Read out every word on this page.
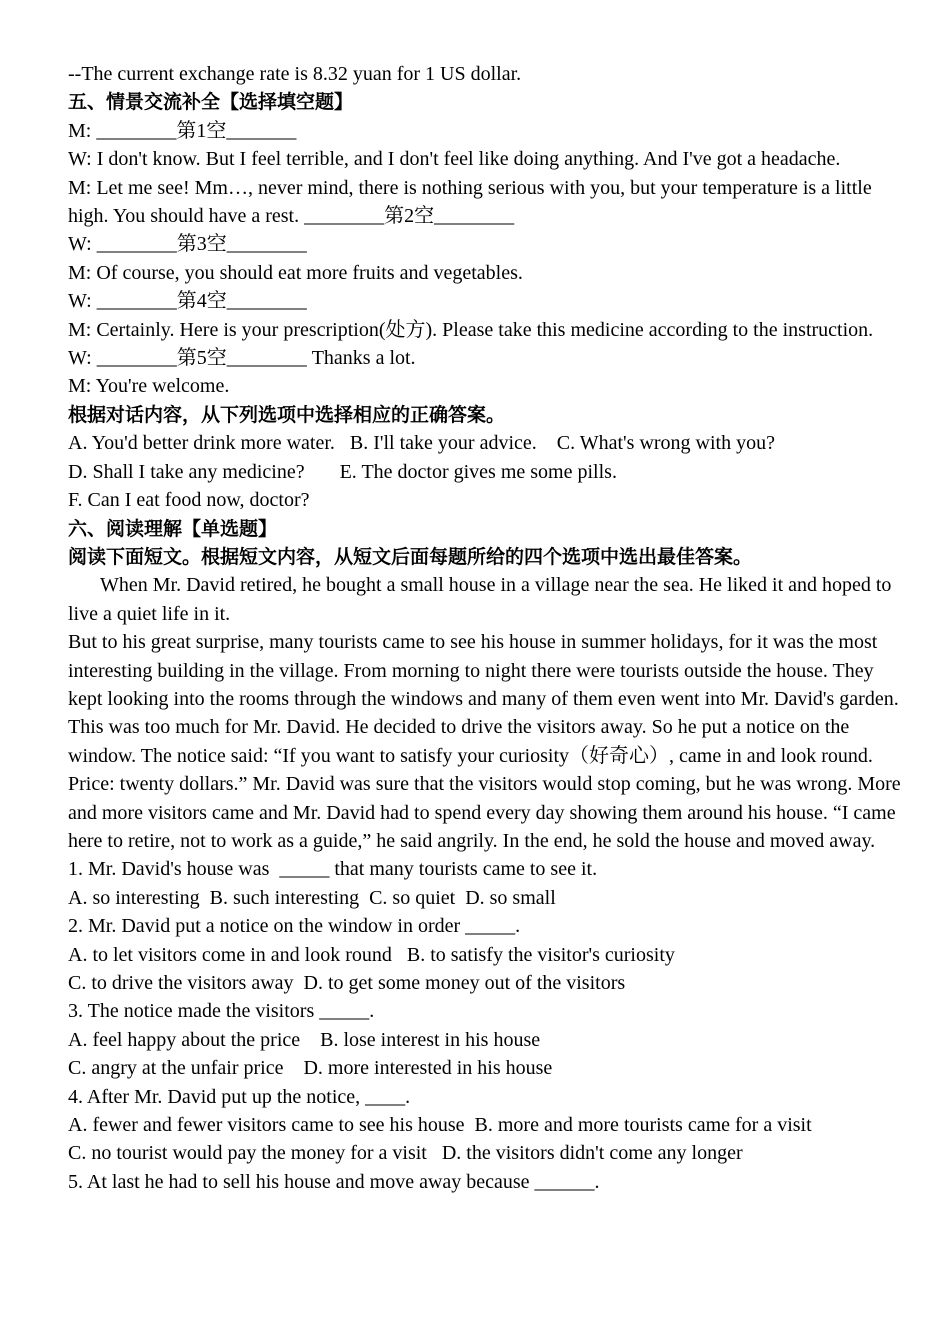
--The current exchange rate is 8.32 yuan for 1 US dollar.
五、情景交流补全【选择填空题】
M: ________第1空_______
W: I don't know. But I feel terrible, and I don't feel like doing anything. And I've got a headache.
M: Let me see! Mm…, never mind, there is nothing serious with you, but your temperature is a little high. You should have a rest. ________第2空________
W: ________第3空________
M: Of course, you should eat more fruits and vegetables.
W: ________第4空________
M: Certainly. Here is your prescription(处方). Please take this medicine according to the instruction.
W: ________第5空________ Thanks a lot.
M: You're welcome.
根据对话内容，从下列选项中选择相应的正确答案。
A. You'd better drink more water.   B. I'll take your advice.    C. What's wrong with you?
D. Shall I take any medicine?       E. The doctor gives me some pills.
F. Can I eat food now, doctor?
六、阅读理解【单选题】
阅读下面短文。根据短文内容，从短文后面每题所给的四个选项中选出最佳答案。
When Mr. David retired, he bought a small house in a village near the sea. He liked it and hoped to live a quiet life in it.
But to his great surprise, many tourists came to see his house in summer holidays, for it was the most interesting building in the village. From morning to night there were tourists outside the house. They kept looking into the rooms through the windows and many of them even went into Mr. David's garden. This was too much for Mr. David. He decided to drive the visitors away. So he put a notice on the window. The notice said: “If you want to satisfy your curiosity（好奇心）, came in and look round. Price: twenty dollars.” Mr. David was sure that the visitors would stop coming, but he was wrong. More and more visitors came and Mr. David had to spend every day showing them around his house. “I came here to retire, not to work as a guide,” he said angrily. In the end, he sold the house and moved away.
1. Mr. David's house was  _____ that many tourists came to see it.
A. so interesting  B. such interesting  C. so quiet  D. so small
2. Mr. David put a notice on the window in order _____.
A. to let visitors come in and look round   B. to satisfy the visitor's curiosity
C. to drive the visitors away  D. to get some money out of the visitors
3. The notice made the visitors _____.
A. feel happy about the price    B. lose interest in his house
C. angry at the unfair price    D. more interested in his house
4. After Mr. David put up the notice, ____.
A. fewer and fewer visitors came to see his house  B. more and more tourists came for a visit
C. no tourist would pay the money for a visit   D. the visitors didn't come any longer
5. At last he had to sell his house and move away because ______.
